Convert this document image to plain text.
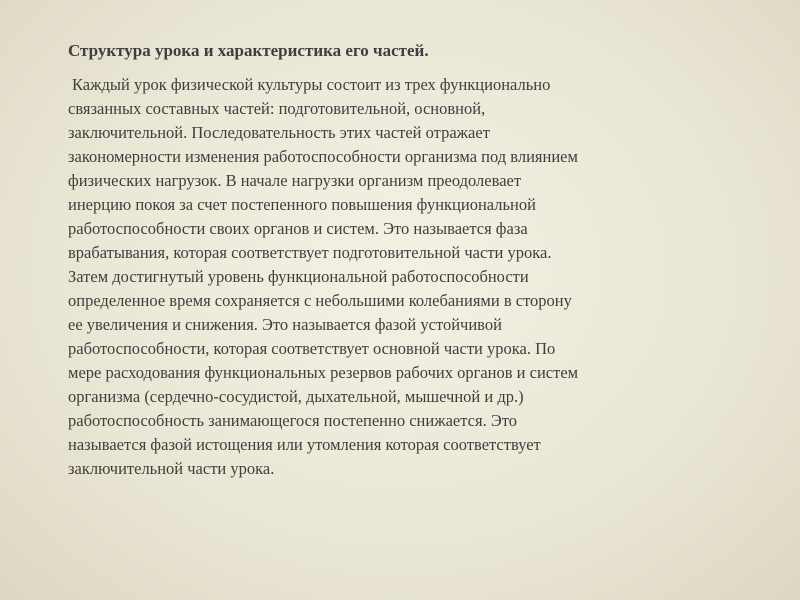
Структура урока и характеристика его частей.

Каждый урок физической культуры состоит из трех функционально
связанных составных частей: подготовительной, основной,
заключительной. Последовательность этих частей отражает
закономерности изменения работоспособности организма под влиянием
физических нагрузок. В начале нагрузки организм преодолевает
инерцию покоя за счет постепенного повышения функциональной
работоспособности своих органов и систем. Это называется фаза
врабатывания, которая соответствует подготовительной части урока.
Затем достигнутый уровень функциональной работоспособности
определенное время сохраняется с небольшими колебаниями в сторону
ее увеличения и снижения. Это называется фазой устойчивой
работоспособности, которая соответствует основной части урока. По
мере расходования функциональных резервов рабочих органов и систем
организма (сердечно-сосудистой, дыхательной, мышечной и др.)
работоспособность занимающегося постепенно снижается. Это
называется фазой истощения или утомления которая соответствует
заключительной части урока.
